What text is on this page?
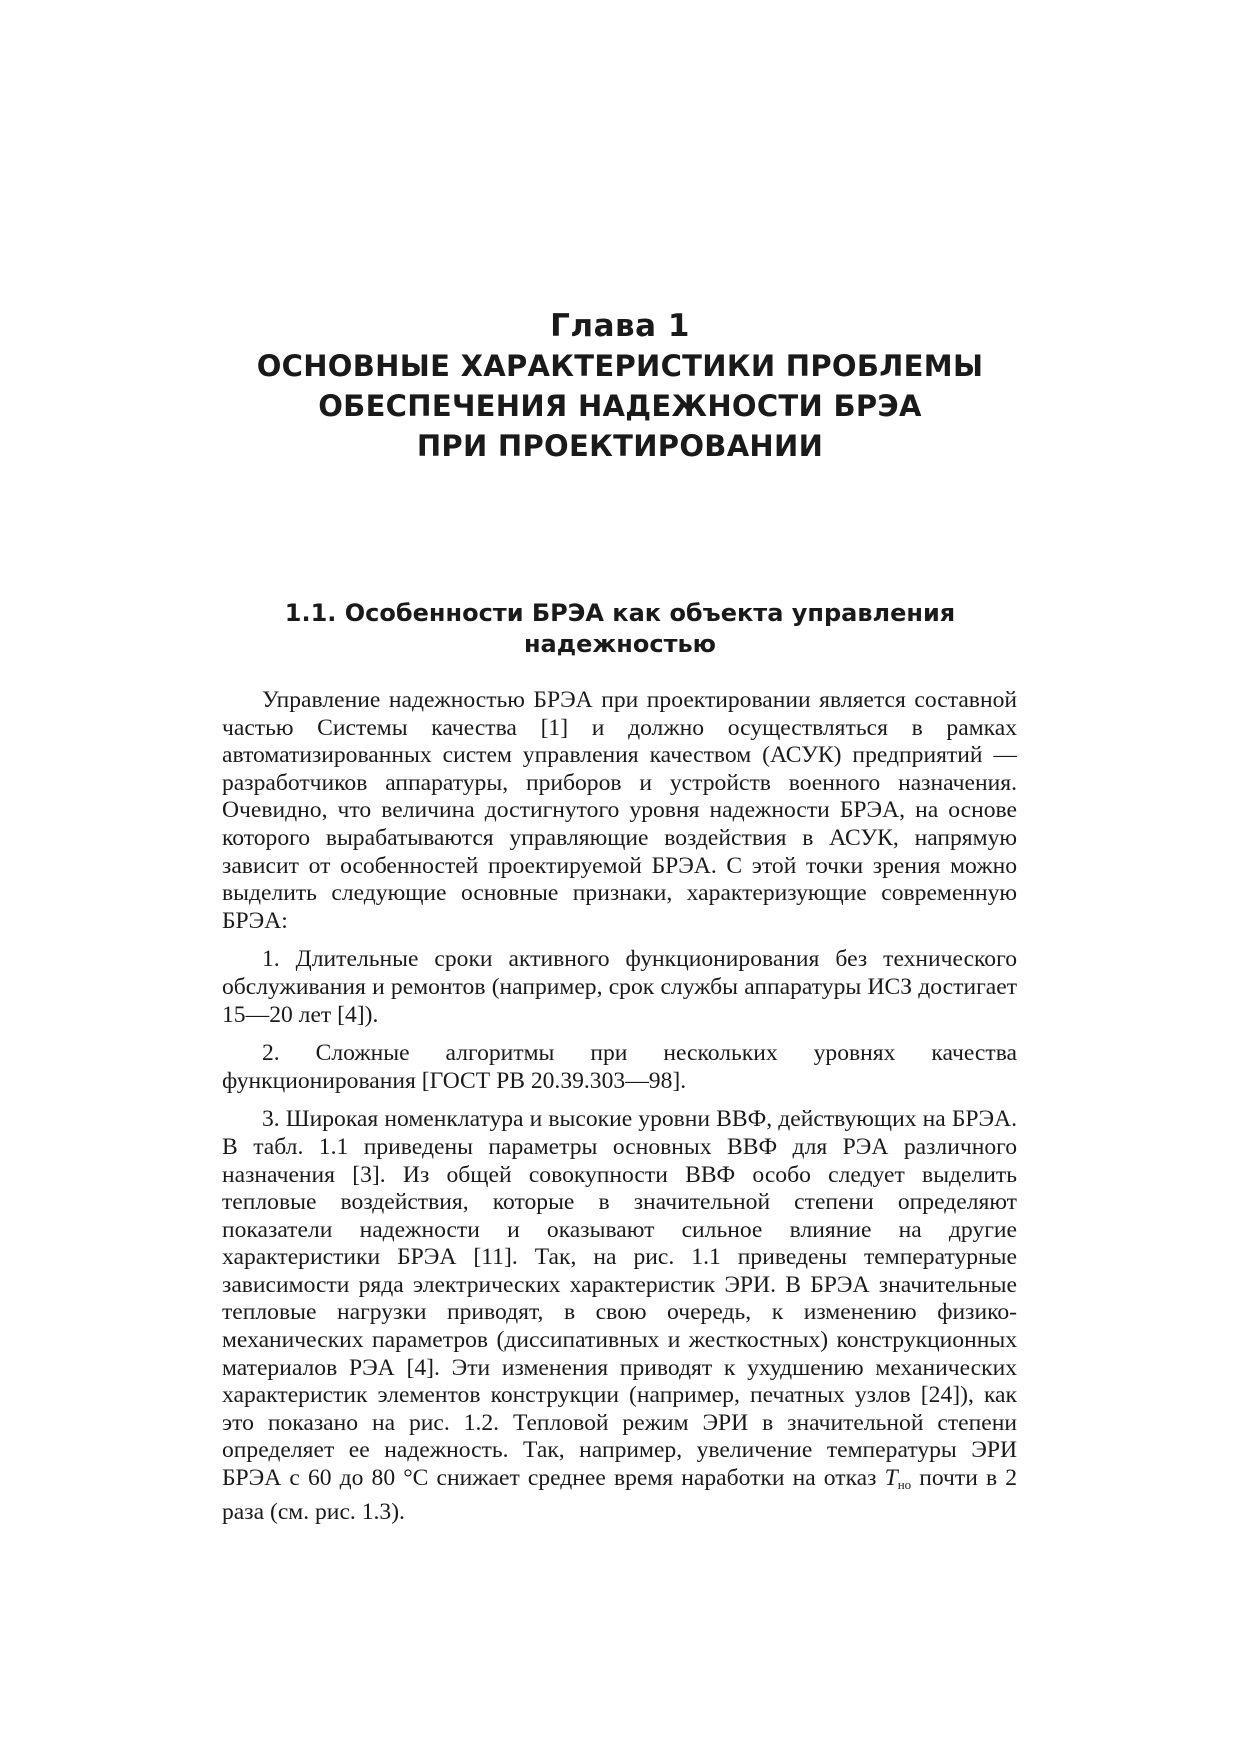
Глава 1
ОСНОВНЫЕ ХАРАКТЕРИСТИКИ ПРОБЛЕМЫ
ОБЕСПЕЧЕНИЯ НАДЕЖНОСТИ БРЭА
ПРИ ПРОЕКТИРОВАНИИ
1.1. Особенности БРЭА как объекта управления
надежностью

Управление надежностью БРЭА при проектировании является составной частью Системы качества [1] и должно осуществляться в рамках автоматизированных систем управления качеством (АСУК) предприятий — разработчиков аппаратуры, приборов и устройств военного назначения. Очевидно, что величина достигнутого уровня надежности БРЭА, на основе которого вырабатываются управляющие воздействия в АСУК, напрямую зависит от особенностей проектируемой БРЭА. С этой точки зрения можно выделить следующие основные признаки, характеризующие современную БРЭА:

1. Длительные сроки активного функционирования без технического обслуживания и ремонтов (например, срок службы аппаратуры ИСЗ достигает 15—20 лет [4]).

2. Сложные алгоритмы при нескольких уровнях качества функционирования [ГОСТ РВ 20.39.303—98].

3. Широкая номенклатура и высокие уровни ВВФ, действующих на БРЭА. В табл. 1.1 приведены параметры основных ВВФ для РЭА различного назначения [3]. Из общей совокупности ВВФ особо следует выделить тепловые воздействия, которые в значительной степени определяют показатели надежности и оказывают сильное влияние на другие характеристики БРЭА [11]. Так, на рис. 1.1 приведены температурные зависимости ряда электрических характеристик ЭРИ. В БРЭА значительные тепловые нагрузки приводят, в свою очередь, к изменению физико-механических параметров (диссипативных и жесткостных) конструкционных материалов РЭА [4]. Эти изменения приводят к ухудшению механических характеристик элементов конструкции (например, печатных узлов [24]), как это показано на рис. 1.2. Тепловой режим ЭРИ в значительной степени определяет ее надежность. Так, например, увеличение температуры ЭРИ БРЭА с 60 до 80 °С снижает среднее время наработки на отказ $T_{но}$ почти в 2 раза (см. рис. 1.3).
